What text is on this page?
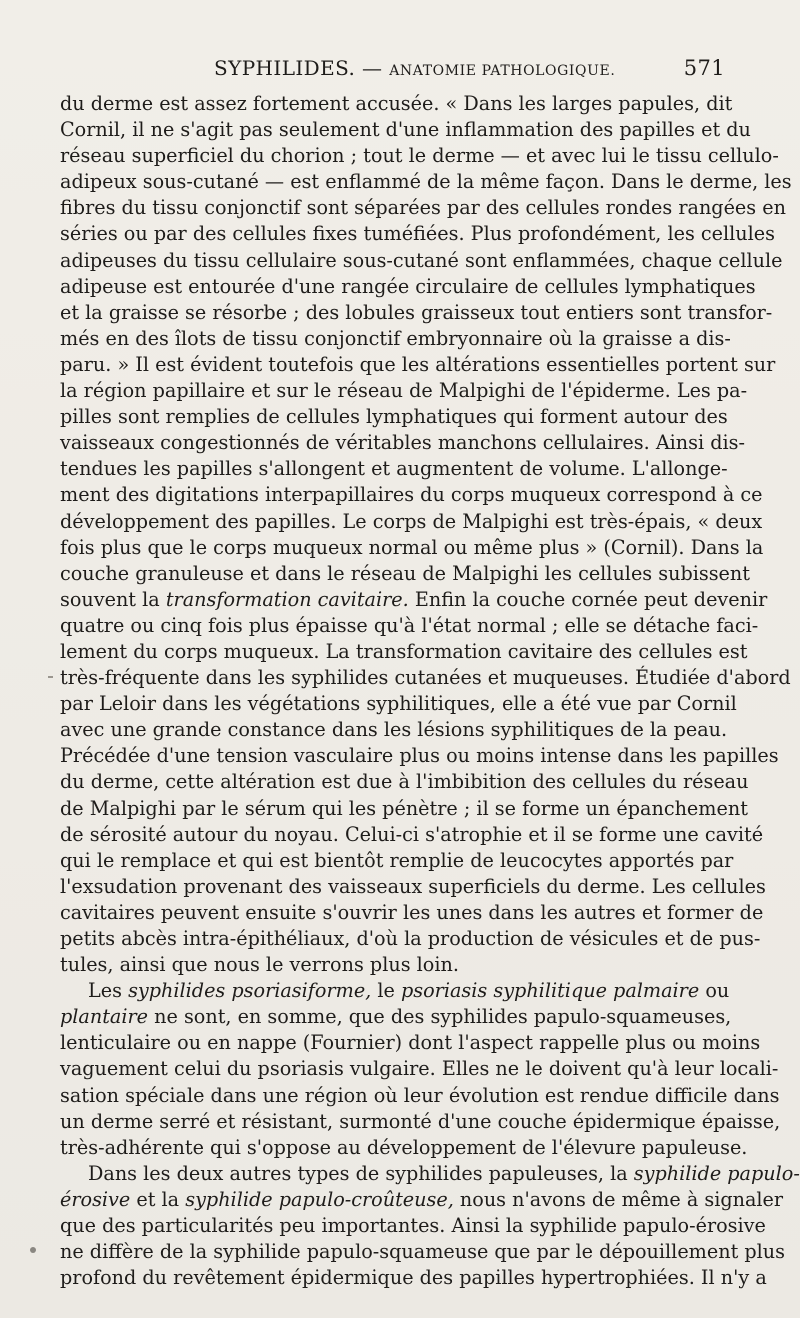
SYPHILIDES. — ANATOMIE PATHOLOGIQUE.	571
du derme est assez fortement accusée. « Dans les larges papules, dit
Cornil, il ne s'agit pas seulement d'une inflammation des papilles et du
réseau superficiel du chorion ; tout le derme — et avec lui le tissu cellulo-
adipeux sous-cutané — est enflammé de la même façon. Dans le derme, les
fibres du tissu conjonctif sont séparées par des cellules rondes rangées en
séries ou par des cellules fixes tuméfiées. Plus profondément, les cellules
adipeuses du tissu cellulaire sous-cutané sont enflammées, chaque cellule
adipeuse est entourée d'une rangée circulaire de cellules lymphatiques
et la graisse se résorbe ; des lobules graisseux tout entiers sont transfor-
més en des îlots de tissu conjonctif embryonnaire où la graisse a dis-
paru. » Il est évident toutefois que les altérations essentielles portent sur
la région papillaire et sur le réseau de Malpighi de l'épiderme. Les pa-
pilles sont remplies de cellules lymphatiques qui forment autour des
vaisseaux congestionnés de véritables manchons cellulaires. Ainsi dis-
tendues les papilles s'allongent et augmentent de volume. L'allonge-
ment des digitations interpapillaires du corps muqueux correspond à ce
développement des papilles. Le corps de Malpighi est très-épais, « deux
fois plus que le corps muqueux normal ou même plus » (Cornil). Dans la
couche granuleuse et dans le réseau de Malpighi les cellules subissent
souvent la transformation cavitaire. Enfin la couche cornée peut devenir
quatre ou cinq fois plus épaisse qu'à l'état normal ; elle se détache faci-
lement du corps muqueux. La transformation cavitaire des cellules est
très-fréquente dans les syphilides cutanées et muqueuses. Étudiée d'abord
par Leloir dans les végétations syphilitiques, elle a été vue par Cornil
avec une grande constance dans les lésions syphilitiques de la peau.
Précédée d'une tension vasculaire plus ou moins intense dans les papilles
du derme, cette altération est due à l'imbibition des cellules du réseau
de Malpighi par le sérum qui les pénètre ; il se forme un épanchement
de sérosité autour du noyau. Celui-ci s'atrophie et il se forme une cavité
qui le remplace et qui est bientôt remplie de leucocytes apportés par
l'exsudation provenant des vaisseaux superficiels du derme. Les cellules
cavitaires peuvent ensuite s'ouvrir les unes dans les autres et former de
petits abcès intra-épithéliaux, d'où la production de vésicules et de pus-
tules, ainsi que nous le verrons plus loin.
Les syphilides psoriasiforme, le psoriasis syphilitique palmaire ou
plantaire ne sont, en somme, que des syphilides papulo-squameuses,
lenticulaire ou en nappe (Fournier) dont l'aspect rappelle plus ou moins
vaguement celui du psoriasis vulgaire. Elles ne le doivent qu'à leur locali-
sation spéciale dans une région où leur évolution est rendue difficile dans
un derme serré et résistant, surmonté d'une couche épidermique épaisse,
très-adhérente qui s'oppose au développement de l'élevure papuleuse.
Dans les deux autres types de syphilides papuleuses, la syphilide papulo-
érosive et la syphilide papulo-croûteuse, nous n'avons de même à signaler
que des particularités peu importantes. Ainsi la syphilide papulo-érosive
ne diffère de la syphilide papulo-squameuse que par le dépouillement plus
profond du revêtement épidermique des papilles hypertrophiées. Il n'y a
